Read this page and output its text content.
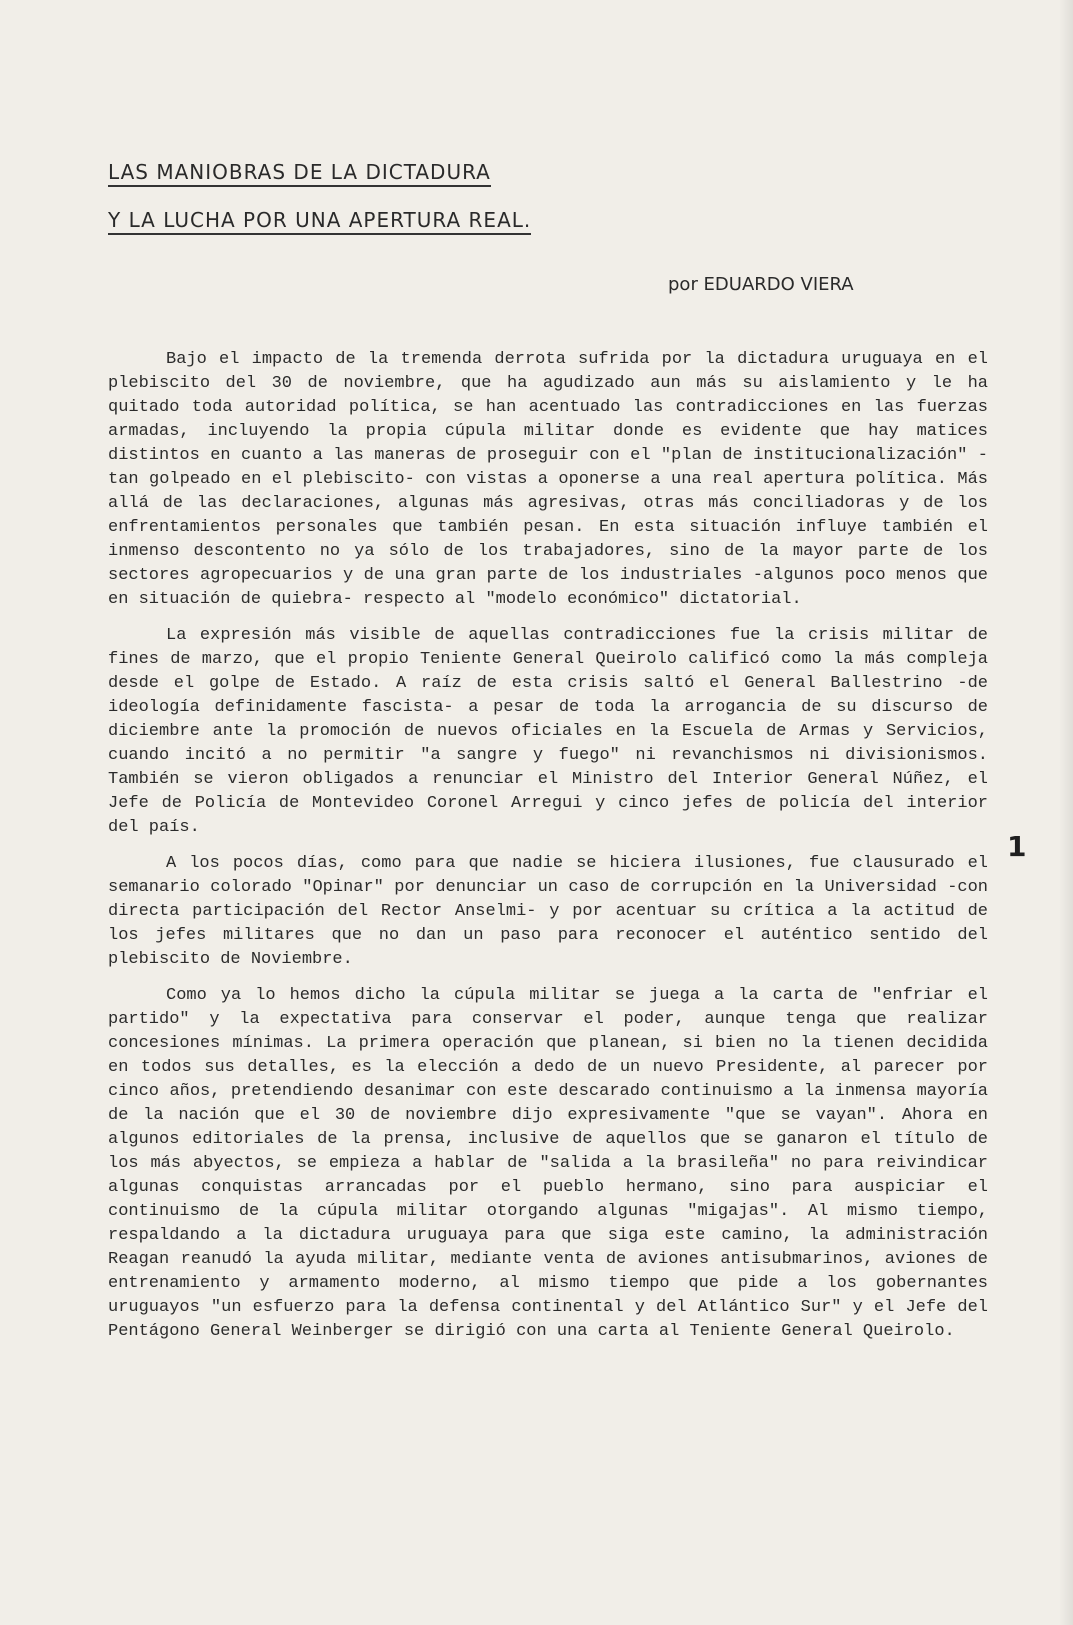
LAS MANIOBRAS DE LA DICTADURA
Y LA LUCHA POR UNA APERTURA REAL.
por EDUARDO VIERA

Bajo el impacto de la tremenda derrota sufrida por la dictadura uruguaya en el plebiscito del 30 de noviembre, que ha agudizado aun más su aislamiento y le ha quitado toda autoridad política, se han acentuado las contradicciones en las fuerzas armadas, incluyendo la propia cúpula militar donde es evidente que hay matices distintos en cuanto a las maneras de proseguir con el "plan de institucionalización" -tan golpeado en el plebiscito- con vistas a oponerse a una real apertura política. Más allá de las declaraciones, algunas más agresivas, otras más conciliadoras y de los enfrentamientos personales que también pesan. En esta situación influye también el inmenso descontento no ya sólo de los trabajadores, sino de la mayor parte de los sectores agropecuarios y de una gran parte de los industriales -algunos poco menos que en situación de quiebra- respecto al "modelo económico" dictatorial.

La expresión más visible de aquellas contradicciones fue la crisis militar de fines de marzo, que el propio Teniente General Queirolo calificó como la más compleja desde el golpe de Estado. A raíz de esta crisis saltó el General Ballestrino -de ideología definidamente fascista- a pesar de toda la arrogancia de su discurso de diciembre ante la promoción de nuevos oficiales en la Escuela de Armas y Servicios, cuando incitó a no permitir "a sangre y fuego" ni revanchismos ni divisionismos. También se vieron obligados a renunciar el Ministro del Interior General Núñez, el Jefe de Policía de Montevideo Coronel Arregui y cinco jefes de policía del interior del país.

A los pocos días, como para que nadie se hiciera ilusiones, fue clausurado el semanario colorado "Opinar" por denunciar un caso de corrupción en la Universidad -con directa participación del Rector Anselmi- y por acentuar su crítica a la actitud de los jefes militares que no dan un paso para reconocer el auténtico sentido del plebiscito de Noviembre.

Como ya lo hemos dicho la cúpula militar se juega a la carta de "enfriar el partido" y la expectativa para conservar el poder, aunque tenga que realizar concesiones mínimas. La primera operación que planean, si bien no la tienen decidida en todos sus detalles, es la elección a dedo de un nuevo Presidente, al parecer por cinco años, pretendiendo desanimar con este descarado continuismo a la inmensa mayoría de la nación que el 30 de noviembre dijo expresivamente "que se vayan". Ahora en algunos editoriales de la prensa, inclusive de aquellos que se ganaron el título de los más abyectos, se empieza a hablar de "salida a la brasileña" no para reivindicar algunas conquistas arrancadas por el pueblo hermano, sino para auspiciar el continuismo de la cúpula militar otorgando algunas "migajas". Al mismo tiempo, respaldando a la dictadura uruguaya para que siga este camino, la administración Reagan reanudó la ayuda militar, mediante venta de aviones antisubmarinos, aviones de entrenamiento y armamento moderno, al mismo tiempo que pide a los gobernantes uruguayos "un esfuerzo para la defensa continental y del Atlántico Sur" y el Jefe del Pentágono General Weinberger se dirigió con una carta al Teniente General Queirolo.

1
